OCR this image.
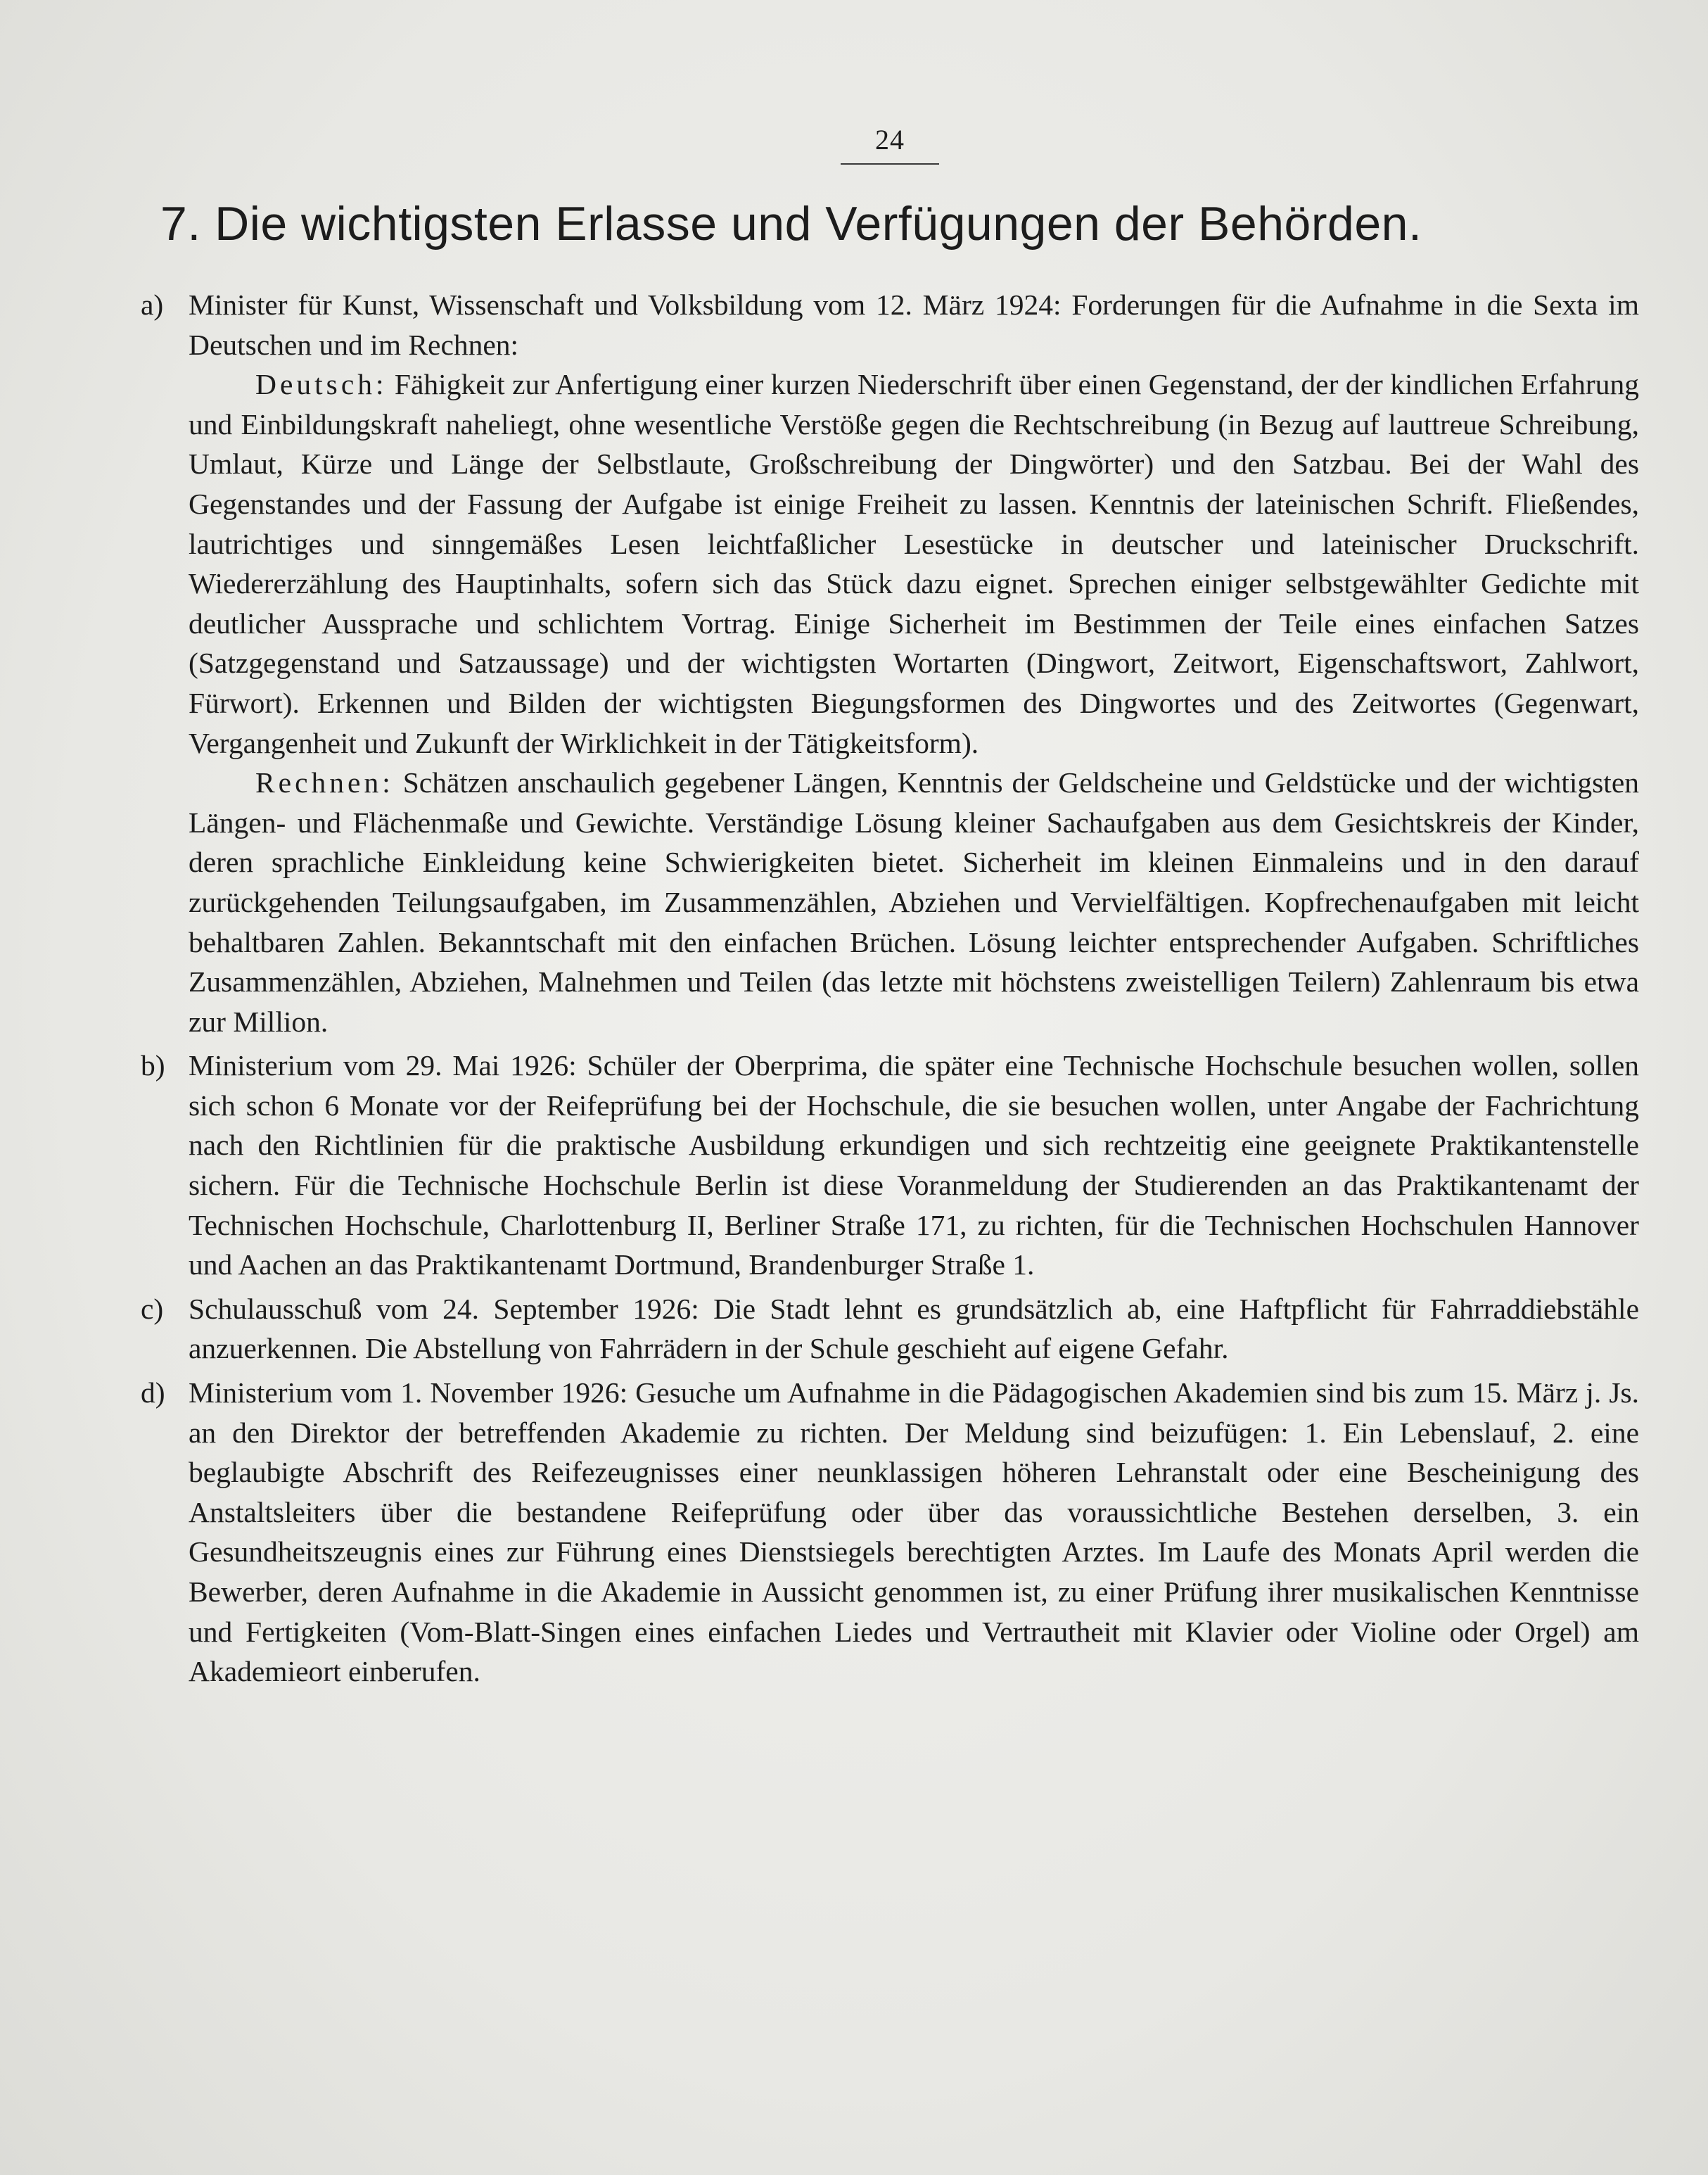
24
7. Die wichtigsten Erlasse und Verfügungen der Behörden.
a) Minister für Kunst, Wissenschaft und Volksbildung vom 12. März 1924: Forderungen für die Aufnahme in die Sexta im Deutschen und im Rechnen:

Deutsch: Fähigkeit zur Anfertigung einer kurzen Niederschrift über einen Gegenstand, der der kindlichen Erfahrung und Einbildungskraft naheliegt, ohne wesentliche Verstöße gegen die Rechtschreibung (in Bezug auf lauttreue Schreibung, Umlaut, Kürze und Länge der Selbstlaute, Großschreibung der Dingwörter) und den Satzbau. Bei der Wahl des Gegenstandes und der Fassung der Aufgabe ist einige Freiheit zu lassen. Kenntnis der lateinischen Schrift. Fließendes, lautrichtiges und sinngemäßes Lesen leichtfaßlicher Lesestücke in deutscher und lateinischer Druckschrift. Wiedererzählung des Hauptinhalts, sofern sich das Stück dazu eignet. Sprechen einiger selbstgewählter Gedichte mit deutlicher Aussprache und schlichtem Vortrag. Einige Sicherheit im Bestimmen der Teile eines einfachen Satzes (Satzgegenstand und Satzaussage) und der wichtigsten Wortarten (Dingwort, Zeitwort, Eigenschaftswort, Zahlwort, Fürwort). Erkennen und Bilden der wichtigsten Biegungsformen des Dingwortes und des Zeitwortes (Gegenwart, Vergangenheit und Zukunft der Wirklichkeit in der Tätigkeitsform).

Rechnen: Schätzen anschaulich gegebener Längen, Kenntnis der Geldscheine und Geldstücke und der wichtigsten Längen- und Flächenmaße und Gewichte. Verständige Lösung kleiner Sachaufgaben aus dem Gesichtskreis der Kinder, deren sprachliche Einkleidung keine Schwierigkeiten bietet. Sicherheit im kleinen Einmaleins und in den darauf zurückgehenden Teilungsaufgaben, im Zusammenzählen, Abziehen und Vervielfältigen. Kopfrechenaufgaben mit leicht behaltbaren Zahlen. Bekanntschaft mit den einfachen Brüchen. Lösung leichter entsprechender Aufgaben. Schriftliches Zusammenzählen, Abziehen, Malnehmen und Teilen (das letzte mit höchstens zweistelligen Teilern) Zahlenraum bis etwa zur Million.

b) Ministerium vom 29. Mai 1926: Schüler der Oberprima, die später eine Technische Hochschule besuchen wollen, sollen sich schon 6 Monate vor der Reifeprüfung bei der Hochschule, die sie besuchen wollen, unter Angabe der Fachrichtung nach den Richtlinien für die praktische Ausbildung erkundigen und sich rechtzeitig eine geeignete Praktikantenstelle sichern. Für die Technische Hochschule Berlin ist diese Voranmeldung der Studierenden an das Praktikantenamt der Technischen Hochschule, Charlottenburg II, Berliner Straße 171, zu richten, für die Technischen Hochschulen Hannover und Aachen an das Praktikantenamt Dortmund, Brandenburger Straße 1.

c) Schulausschuß vom 24. September 1926: Die Stadt lehnt es grundsätzlich ab, eine Haftpflicht für Fahrraddiebstähle anzuerkennen. Die Abstellung von Fahrrädern in der Schule geschieht auf eigene Gefahr.

d) Ministerium vom 1. November 1926: Gesuche um Aufnahme in die Pädagogischen Akademien sind bis zum 15. März j. Js. an den Direktor der betreffenden Akademie zu richten. Der Meldung sind beizufügen: 1. Ein Lebenslauf, 2. eine beglaubigte Abschrift des Reifezeugnisses einer neunklassigen höheren Lehranstalt oder eine Bescheinigung des Anstaltsleiters über die bestandene Reifeprüfung oder über das voraussichtliche Bestehen derselben, 3. ein Gesundheitszeugnis eines zur Führung eines Dienstsiegels berechtigten Arztes. Im Laufe des Monats April werden die Bewerber, deren Aufnahme in die Akademie in Aussicht genommen ist, zu einer Prüfung ihrer musikalischen Kenntnisse und Fertigkeiten (Vom-Blatt-Singen eines einfachen Liedes und Vertrautheit mit Klavier oder Violine oder Orgel) am Akademieort einberufen.
